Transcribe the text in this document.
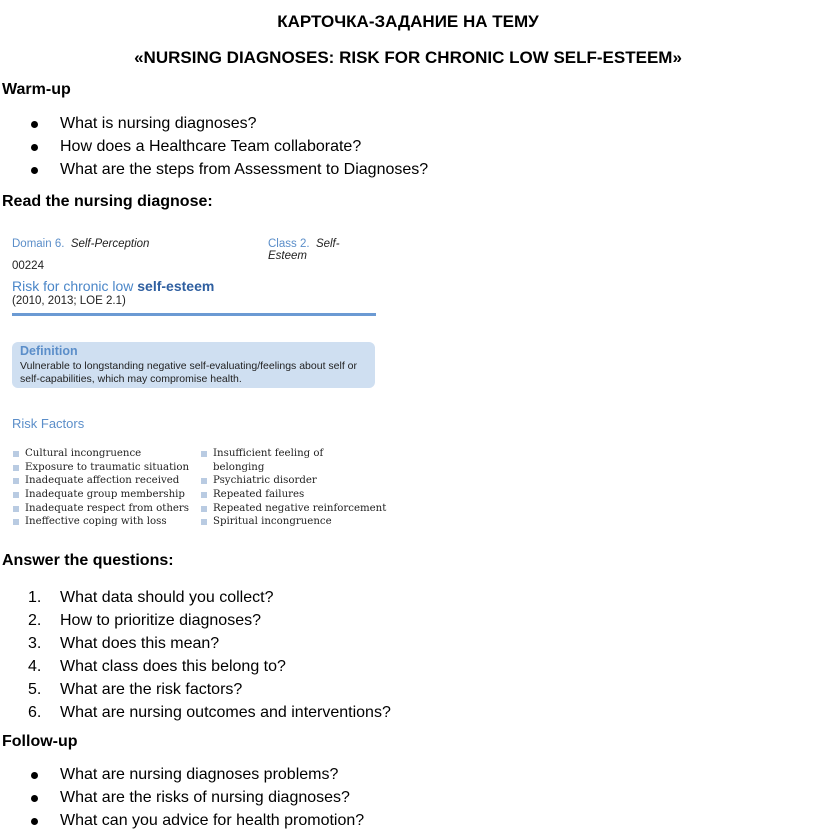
КАРТОЧКА-ЗАДАНИЕ НА ТЕМУ
«NURSING DIAGNOSES: RISK FOR CHRONIC LOW SELF-ESTEEM»
Warm-up
What is nursing diagnoses?
How does a Healthcare Team collaborate?
What are the steps from Assessment to Diagnoses?
Read the nursing diagnose:
Domain 6. Self-Perception	Class 2. Self-Esteem
00224
Risk for chronic low self-esteem
(2010, 2013; LOE 2.1)
Definition
Vulnerable to longstanding negative self-evaluating/feelings about self or self-capabilities, which may compromise health.
Risk Factors
Cultural incongruence
Exposure to traumatic situation
Inadequate affection received
Inadequate group membership
Inadequate respect from others
Ineffective coping with loss
Insufficient feeling of
belonging
Psychiatric disorder
Repeated failures
Repeated negative reinforcement
Spiritual incongruence
Answer the questions:
1. What data should you collect?
2. How to prioritize diagnoses?
3. What does this mean?
4. What class does this belong to?
5. What are the risk factors?
6. What are nursing outcomes and interventions?
Follow-up
What are nursing diagnoses problems?
What are the risks of nursing diagnoses?
What can you advice for health promotion?
